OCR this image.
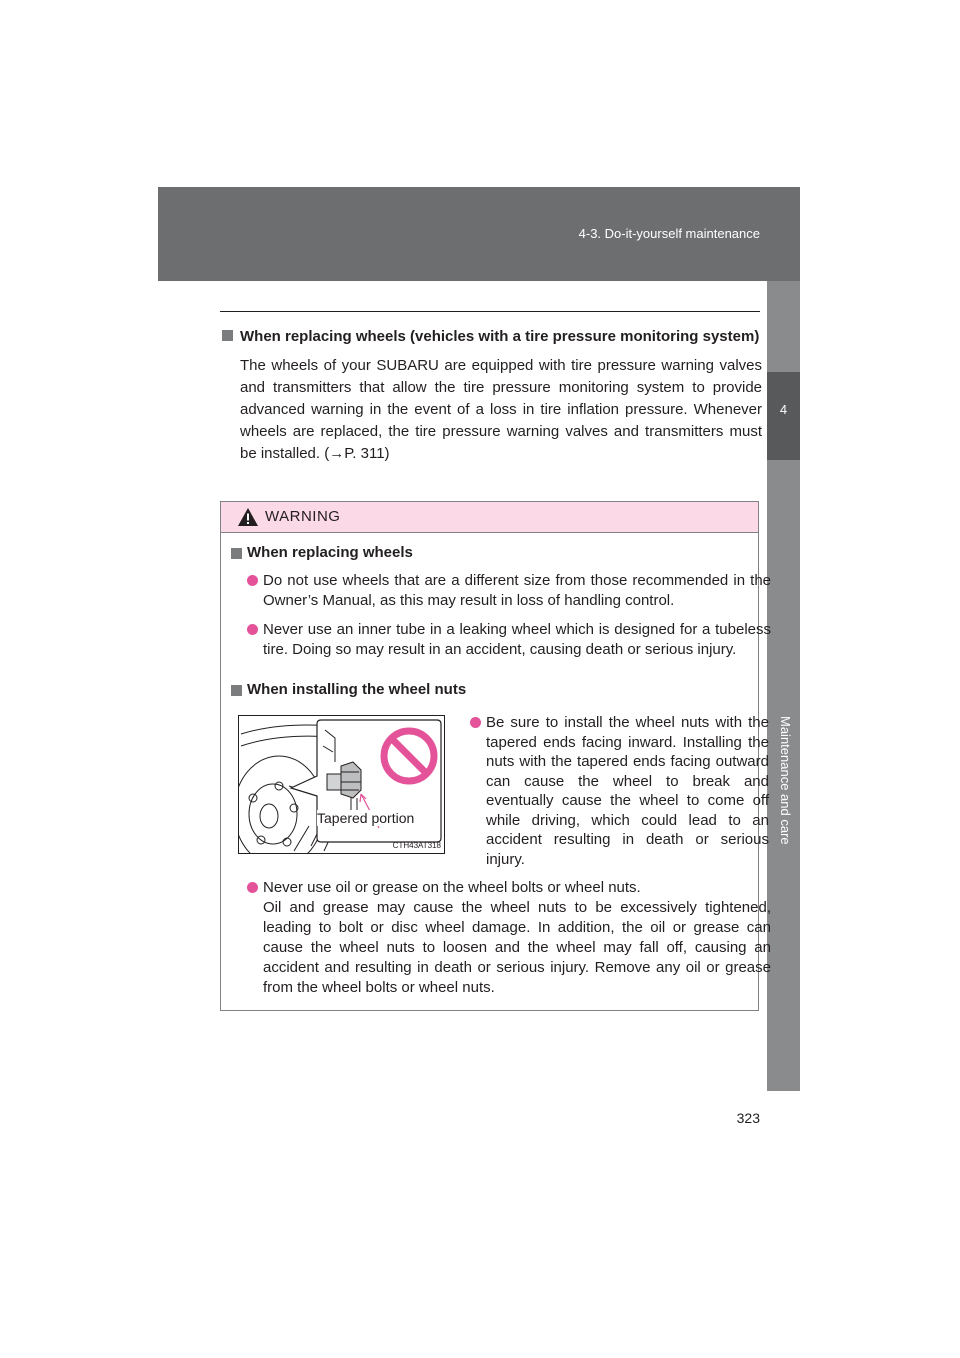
4-3. Do-it-yourself maintenance
4
Maintenance and care
When replacing wheels (vehicles with a tire pressure monitoring system)
The wheels of your SUBARU are equipped with tire pressure warning valves and transmitters that allow the tire pressure monitoring system to provide advanced warning in the event of a loss in tire inflation pressure. Whenever wheels are replaced, the tire pressure warning valves and transmitters must be installed. (→P. 311)
WARNING
When replacing wheels
Do not use wheels that are a different size from those recommended in the Owner’s Manual, as this may result in loss of handling control.
Never use an inner tube in a leaking wheel which is designed for a tubeless tire. Doing so may result in an accident, causing death or serious injury.
When installing the wheel nuts
Be sure to install the wheel nuts with the tapered ends facing inward. Installing the nuts with the tapered ends facing outward can cause the wheel to break and eventually cause the wheel to come off while driving, which could lead to an accident resulting in death or serious injury.
Never use oil or grease on the wheel bolts or wheel nuts.
Oil and grease may cause the wheel nuts to be excessively tightened, leading to bolt or disc wheel damage. In addition, the oil or grease can cause the wheel nuts to loosen and the wheel may fall off, causing an accident and resulting in death or serious injury. Remove any oil or grease from the wheel bolts or wheel nuts.
Tapered portion
CTH43AT318
323
